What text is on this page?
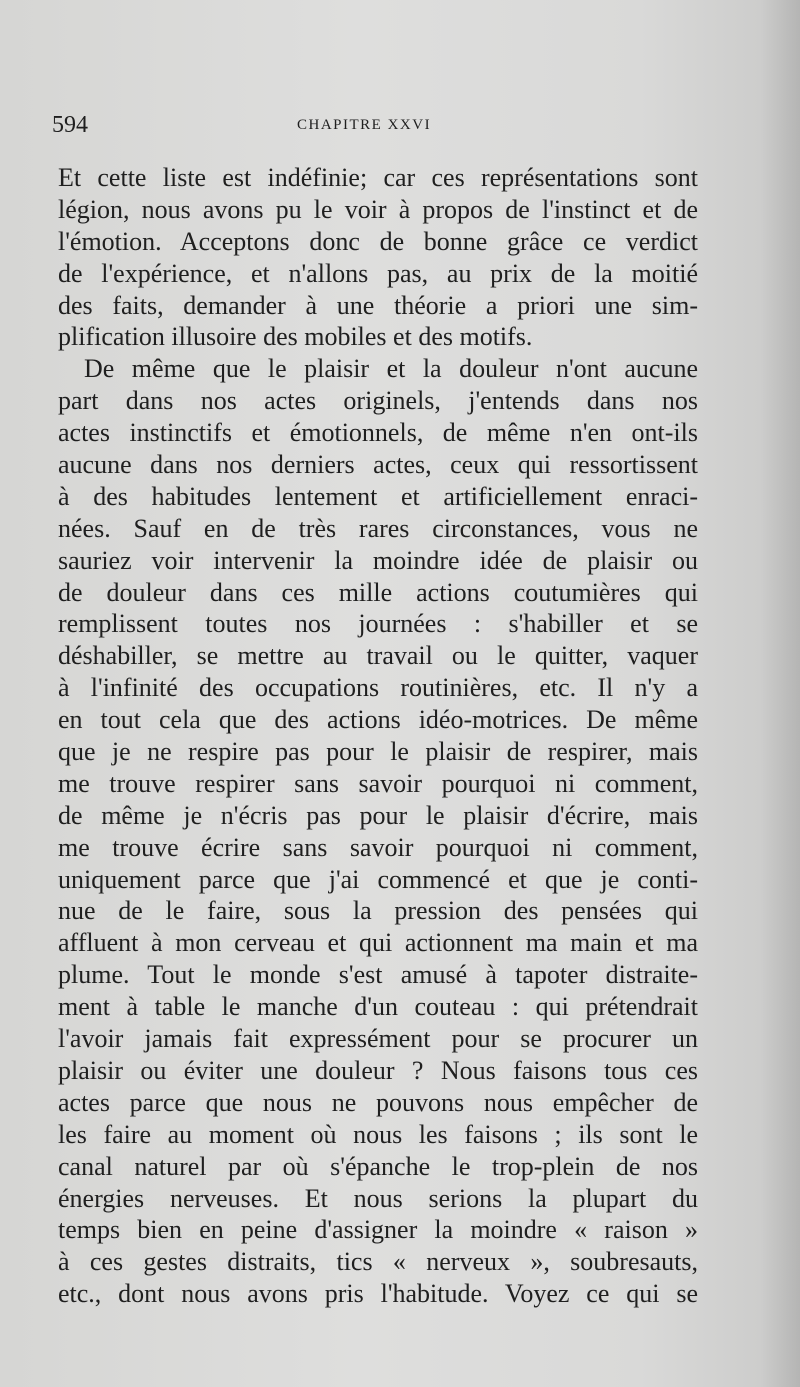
594	CHAPITRE XXVI
Et cette liste est indéfinie; car ces représentations sont
légion, nous avons pu le voir à propos de l'instinct et de
l'émotion. Acceptons donc de bonne grâce ce verdict
de l'expérience, et n'allons pas, au prix de la moitié
des faits, demander à une théorie a priori une sim-
plification illusoire des mobiles et des motifs.
De même que le plaisir et la douleur n'ont aucune
part dans nos actes originels, j'entends dans nos
actes instinctifs et émotionnels, de même n'en ont-ils
aucune dans nos derniers actes, ceux qui ressortissent
à des habitudes lentement et artificiellement enraci-
nées. Sauf en de très rares circonstances, vous ne
sauriez voir intervenir la moindre idée de plaisir ou
de douleur dans ces mille actions coutumières qui
remplissent toutes nos journées : s'habiller et se
déshabiller, se mettre au travail ou le quitter, vaquer
à l'infinité des occupations routinières, etc. Il n'y a
en tout cela que des actions idéo-motrices. De même
que je ne respire pas pour le plaisir de respirer, mais
me trouve respirer sans savoir pourquoi ni comment,
de même je n'écris pas pour le plaisir d'écrire, mais
me trouve écrire sans savoir pourquoi ni comment,
uniquement parce que j'ai commencé et que je conti-
nue de le faire, sous la pression des pensées qui
affluent à mon cerveau et qui actionnent ma main et ma
plume. Tout le monde s'est amusé à tapoter distraite-
ment à table le manche d'un couteau : qui prétendrait
l'avoir jamais fait expressément pour se procurer un
plaisir ou éviter une douleur ? Nous faisons tous ces
actes parce que nous ne pouvons nous empêcher de
les faire au moment où nous les faisons ; ils sont le
canal naturel par où s'épanche le trop-plein de nos
énergies nerveuses. Et nous serions la plupart du
temps bien en peine d'assigner la moindre « raison »
à ces gestes distraits, tics « nerveux », soubresauts,
etc., dont nous avons pris l'habitude. Voyez ce qui se
